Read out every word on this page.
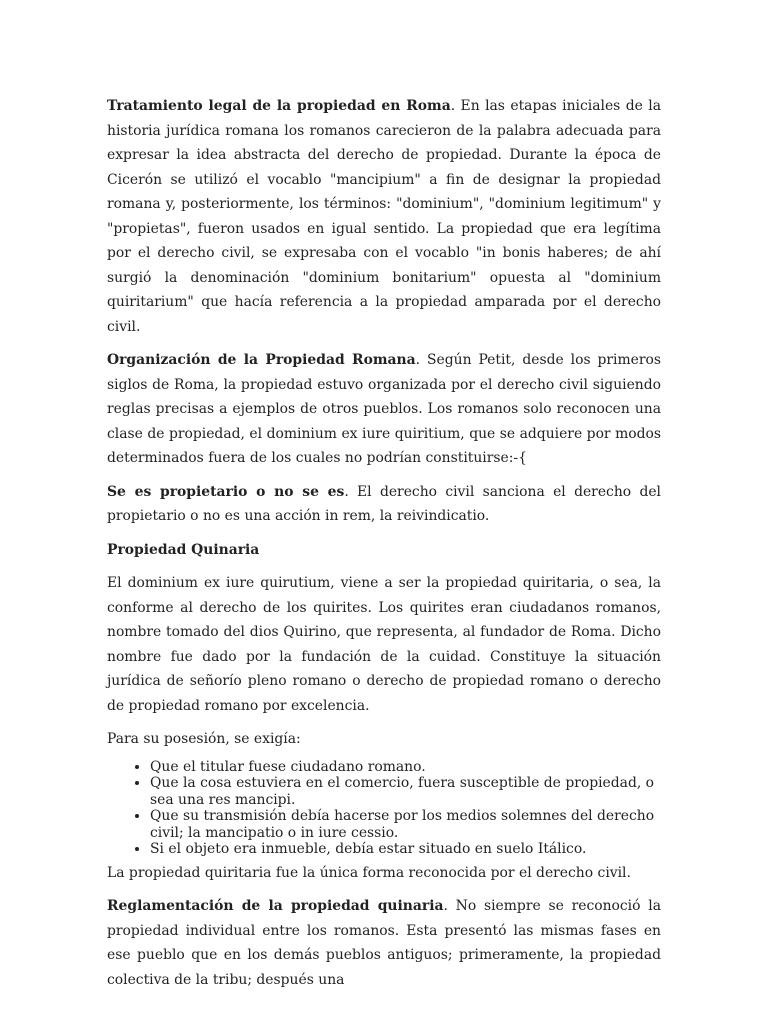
Tratamiento legal de la propiedad en Roma. En las etapas iniciales de la historia jurídica romana los romanos carecieron de la palabra adecuada para expresar la idea abstracta del derecho de propiedad. Durante la época de Cicerón se utilizó el vocablo "mancipium" a fin de designar la propiedad romana y, posteriormente, los términos: "dominium", "dominium legitimum" y "propietas", fueron usados en igual sentido. La propiedad que era legítima por el derecho civil, se expresaba con el vocablo "in bonis haberes; de ahí surgió la denominación "dominium bonitarium" opuesta al "dominium quiritarium" que hacía referencia a la propiedad amparada por el derecho civil.

Organización de la Propiedad Romana. Según Petit, desde los primeros siglos de Roma, la propiedad estuvo organizada por el derecho civil siguiendo reglas precisas a ejemplos de otros pueblos. Los romanos solo reconocen una clase de propiedad, el dominium ex iure quiritium, que se adquiere por modos determinados fuera de los cuales no podrían constituirse:-{

Se es propietario o no se es. El derecho civil sanciona el derecho del propietario o no es una acción in rem, la reivindicatio.

Propiedad Quinaria

El dominium ex iure quirutium, viene a ser la propiedad quiritaria, o sea, la conforme al derecho de los quirites. Los quirites eran ciudadanos romanos, nombre tomado del dios Quirino, que representa, al fundador de Roma. Dicho nombre fue dado por la fundación de la cuidad. Constituye la situación jurídica de señorío pleno romano o derecho de propiedad romano o derecho de propiedad romano por excelencia.

Para su posesión, se exigía:

• Que el titular fuese ciudadano romano.
• Que la cosa estuviera en el comercio, fuera susceptible de propiedad, o sea una res mancipi.
• Que su transmisión debía hacerse por los medios solemnes del derecho civil; la mancipatio o in iure cessio.
• Si el objeto era inmueble, debía estar situado en suelo Itálico.

La propiedad quiritaria fue la única forma reconocida por el derecho civil.

Reglamentación de la propiedad quinaria. No siempre se reconoció la propiedad individual entre los romanos. Esta presentó las mismas fases en ese pueblo que en los demás pueblos antiguos; primeramente, la propiedad colectiva de la tribu; después una
